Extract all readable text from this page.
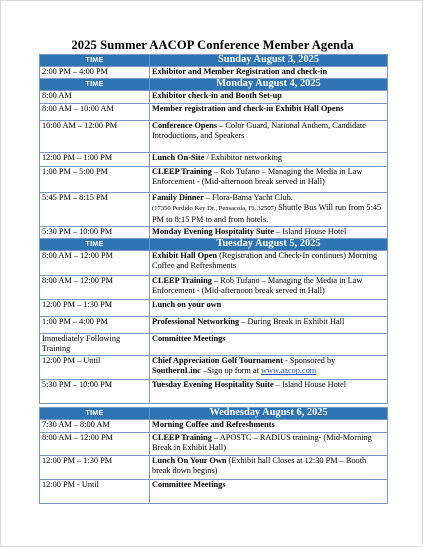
2025 Summer AACOP Conference Member Agenda
TIME	Sunday August 3, 2025
2:00 PM – 4:00 PM	Exhibitor and Member Registration and check-in
TIME	Monday August 4, 2025
8:00 AM	Exhibitor check-in and Booth Set-up
8:00 AM – 10:00 AM	Member registration and check-in Exhibit Hall Opens
10:00 AM – 12:00 PM	Conference Opens – Color Guard, National Anthem, Candidate Introductions, and Speakers
12:00 PM – 1:00 PM	Lunch On-Site / Exhibitor networking
1:00 PM – 5:00 PM	CLEEP Training – Rob Tufano – Managing the Media in Law Enforcement - (Mid-afternoon break served in Hall)
5:45 PM – 8:15 PM	Family Dinner – Flora-Bama Yacht Club.
(17350 Perdido Key Dr., Pensacola, FL 32507) Shuttle Bus Will run from 5:45 PM to 8:15 PM to and from hotels.
5:30 PM – 10:00 PM	Monday Evening Hospitality Suite – Island House Hotel
TIME	Tuesday August 5, 2025
8:00 AM – 12:00 PM	Exhibit Hall Open (Registration and Check-In continues) Morning Coffee and Refreshments
8:00 AM – 12:00 PM	CLEEP Training – Rob Tufano – Managing the Media in Law Enforcement - (Mid-afternoon break served in Hall)
12:00 PM – 1:30 PM	Lunch on your own
1:00 PM – 4:00 PM	Professional Networking – During Break in Exhibit Hall
Immediately Following Training	Committee Meetings
12:00 PM – Until	Chief Appreciation Golf Tournament - Sponsored by SouthernLinc –Sign up form at www.aacop.com
5:30 PM – 10:00 PM	Tuesday Evening Hospitality Suite – Island House Hotel
TIME	Wednesday August 6, 2025
7:30 AM – 8:00 AM	Morning Coffee and Refreshments
8:00 AM – 12:00 PM	CLEEP Training – APOSTC – RADIUS training- (Mid-Morning Break in Exhibit Hall)
12:00 PM – 1:30 PM	Lunch On Your Own (Exhibit hall Closes at 12:30 PM – Booth break down begins)
12:00 PM - Until	Committee Meetings
